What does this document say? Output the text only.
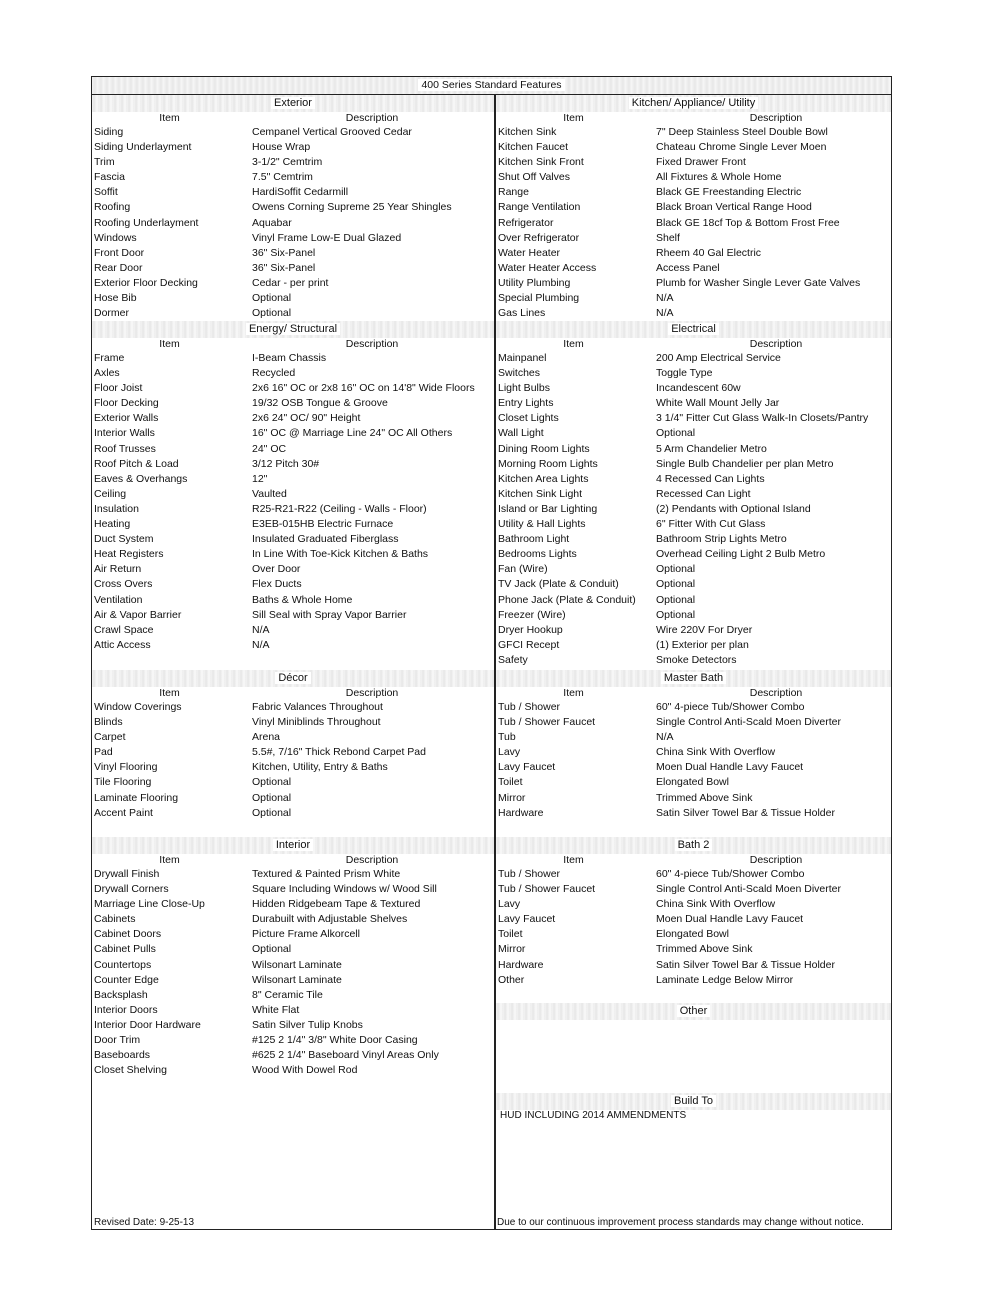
400 Series Standard Features
Exterior
Item	Description
Siding	Cempanel Vertical Grooved Cedar
Siding Underlayment	House Wrap
Trim	3-1/2" Cemtrim
Fascia	7.5" Cemtrim
Soffit	HardiSoffit Cedarmill
Roofing	Owens Corning Supreme 25 Year Shingles
Roofing Underlayment	Aquabar
Windows	Vinyl Frame Low-E Dual Glazed
Front Door	36" Six-Panel
Rear Door	36" Six-Panel
Exterior Floor Decking	Cedar - per print
Hose Bib	Optional
Dormer	Optional
Energy/ Structural
Item	Description
Frame	I-Beam Chassis
Axles	Recycled
Floor Joist	2x6 16" OC or 2x8 16" OC on 14'8" Wide Floors
Floor Decking	19/32 OSB Tongue & Groove
Exterior Walls	2x6 24" OC/ 90" Height
Interior Walls	16" OC @ Marriage Line 24" OC All Others
Roof Trusses	24" OC
Roof Pitch & Load	3/12 Pitch 30#
Eaves & Overhangs	12"
Ceiling	Vaulted
Insulation	R25-R21-R22 (Ceiling - Walls - Floor)
Heating	E3EB-015HB Electric Furnace
Duct System	Insulated Graduated Fiberglass
Heat Registers	In Line With Toe-Kick Kitchen & Baths
Air Return	Over Door
Cross Overs	Flex Ducts
Ventilation	Baths & Whole Home
Air & Vapor Barrier	Sill Seal with Spray Vapor Barrier
Crawl Space	N/A
Attic Access	N/A
Décor
Item	Description
Window Coverings	Fabric Valances Throughout
Blinds	Vinyl Miniblinds Throughout
Carpet	Arena
Pad	5.5#, 7/16" Thick Rebond Carpet Pad
Vinyl Flooring	Kitchen, Utility, Entry & Baths
Tile Flooring	Optional
Laminate Flooring	Optional
Accent Paint	Optional
Interior
Item	Description
Drywall Finish	Textured & Painted Prism White
Drywall Corners	Square Including Windows w/ Wood Sill
Marriage Line Close-Up	Hidden Ridgebeam Tape & Textured
Cabinets	Durabuilt with Adjustable Shelves
Cabinet Doors	Picture Frame Alkorcell
Cabinet Pulls	Optional
Countertops	Wilsonart Laminate
Counter Edge	Wilsonart Laminate
Backsplash	8" Ceramic Tile
Interior Doors	White Flat
Interior Door Hardware	Satin Silver Tulip Knobs
Door Trim	#125 2 1/4" 3/8" White Door Casing
Baseboards	#625 2 1/4" Baseboard Vinyl Areas Only
Closet Shelving	Wood With Dowel Rod
Kitchen/ Appliance/ Utility
Item	Description
Kitchen Sink	7" Deep Stainless Steel Double Bowl
Kitchen Faucet	Chateau Chrome Single Lever Moen
Kitchen Sink Front	Fixed Drawer Front
Shut Off Valves	All Fixtures & Whole Home
Range	Black GE Freestanding Electric
Range Ventilation	Black Broan Vertical Range Hood
Refrigerator	Black GE 18cf Top & Bottom Frost Free
Over Refrigerator	Shelf
Water Heater	Rheem 40 Gal Electric
Water Heater Access	Access Panel
Utility Plumbing	Plumb for Washer Single Lever Gate Valves
Special Plumbing	N/A
Gas Lines	N/A
Electrical
Item	Description
Mainpanel	200 Amp Electrical Service
Switches	Toggle Type
Light Bulbs	Incandescent 60w
Entry Lights	White Wall Mount Jelly Jar
Closet Lights	3 1/4" Fitter Cut Glass Walk-In Closets/Pantry
Wall Light	Optional
Dining Room Lights	5 Arm Chandelier Metro
Morning Room Lights	Single Bulb Chandelier per plan Metro
Kitchen Area Lights	4 Recessed Can Lights
Kitchen Sink Light	Recessed Can Light
Island or Bar Lighting	(2) Pendants with Optional Island
Utility & Hall Lights	6" Fitter With Cut Glass
Bathroom Light	Bathroom Strip Lights Metro
Bedrooms Lights	Overhead Ceiling Light 2 Bulb Metro
Fan (Wire)	Optional
TV Jack (Plate & Conduit)	Optional
Phone Jack (Plate & Conduit) Optional
Freezer (Wire)	Optional
Dryer Hookup	Wire 220V For Dryer
GFCI Recept	(1) Exterior per plan
Safety	Smoke Detectors
Master Bath
Item	Description
Tub / Shower	60" 4-piece Tub/Shower Combo
Tub / Shower Faucet	Single Control Anti-Scald Moen Diverter
Tub	N/A
Lavy	China Sink With Overflow
Lavy Faucet	Moen Dual Handle Lavy Faucet
Toilet	Elongated Bowl
Mirror	Trimmed Above Sink
Hardware	Satin Silver Towel Bar & Tissue Holder
Bath 2
Item	Description
Tub / Shower	60" 4-piece Tub/Shower Combo
Tub / Shower Faucet	Single Control Anti-Scald Moen Diverter
Lavy	China Sink With Overflow
Lavy Faucet	Moen Dual Handle Lavy Faucet
Toilet	Elongated Bowl
Mirror	Trimmed Above Sink
Hardware	Satin Silver Towel Bar & Tissue Holder
Other	Laminate Ledge Below Mirror
Other
Build To
HUD INCLUDING 2014 AMMENDMENTS
Revised Date: 9-25-13	Due to our continuous improvement process standards may change without notice.
